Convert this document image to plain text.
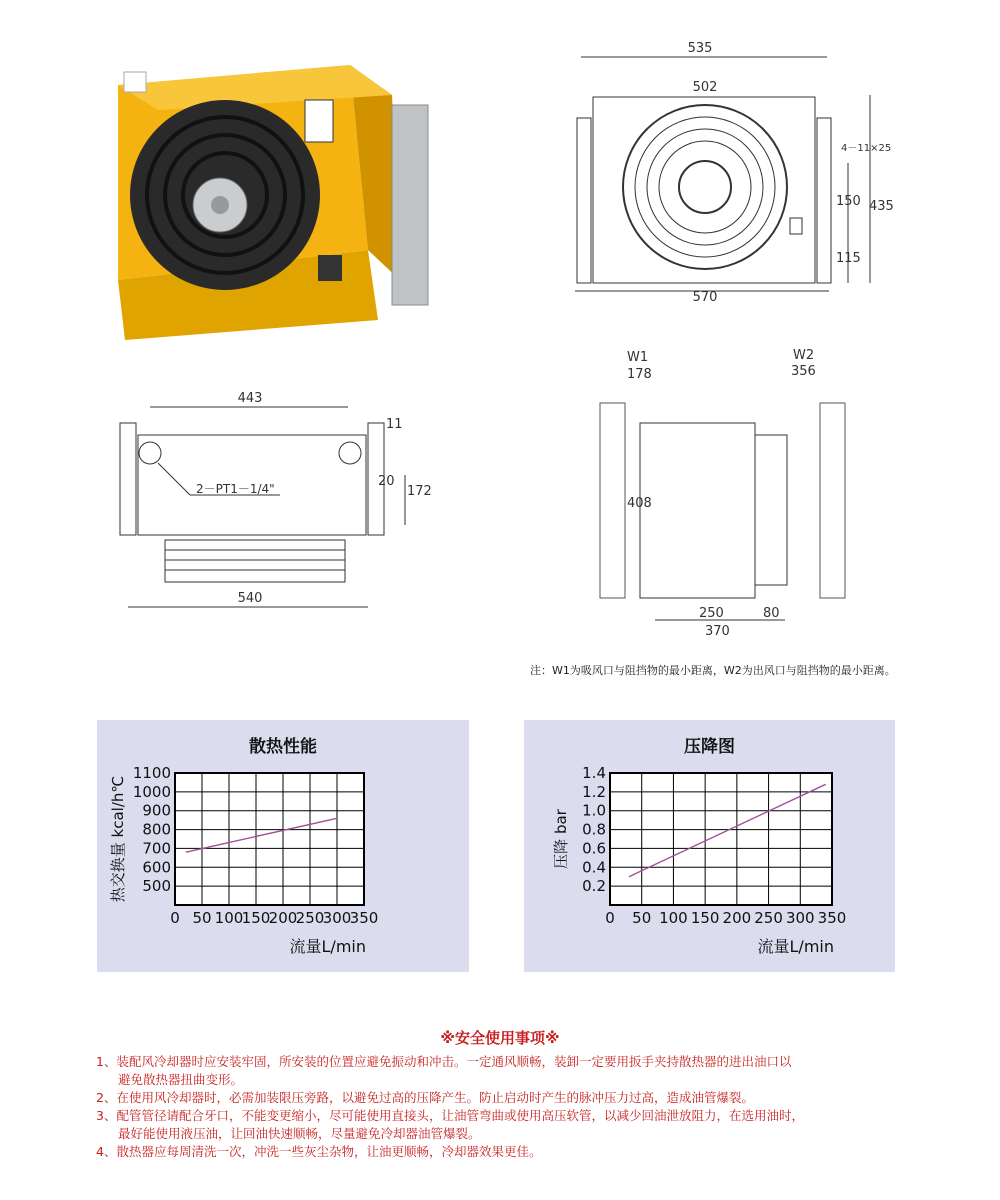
535
502
570
435
150
115
4－11×25
443
2－PT1－1/4"
11
20
172
540
W1
178
W2
356
408
250	80
370
注：W1为吸风口与阻挡物的最小距离，W2为出风口与阻挡物的最小距离。
散热性能
0 50 100
150
200
250
300
350
500
600
700
800
900
1000
1100
流量L/min
热交换量 kcal/h℃
压降图
0 50 100 150 200 250 300 350
0.2
0.4
0.6
0.8
1.0
1.2
1.4
流量L/min
压降 bar
※安全使用事项※
1、装配风冷却器时应安装牢固，所安装的位置应避免振动和冲击。一定通风顺畅，装卸一定要用扳手夹持散热器的进出油口以
避免散热器扭曲变形。
2、在使用风冷却器时，必需加装限压旁路，以避免过高的压降产生。防止启动时产生的脉冲压力过高，造成油管爆裂。
3、配管管径请配合牙口，不能变更缩小，尽可能使用直接头，让油管弯曲或使用高压软管，以减少回油泄放阻力，在选用油时，
最好能使用液压油，让回油快速顺畅，尽量避免冷却器油管爆裂。
4、散热器应每周清洗一次，冲洗一些灰尘杂物，让油更顺畅，冷却器效果更佳。
